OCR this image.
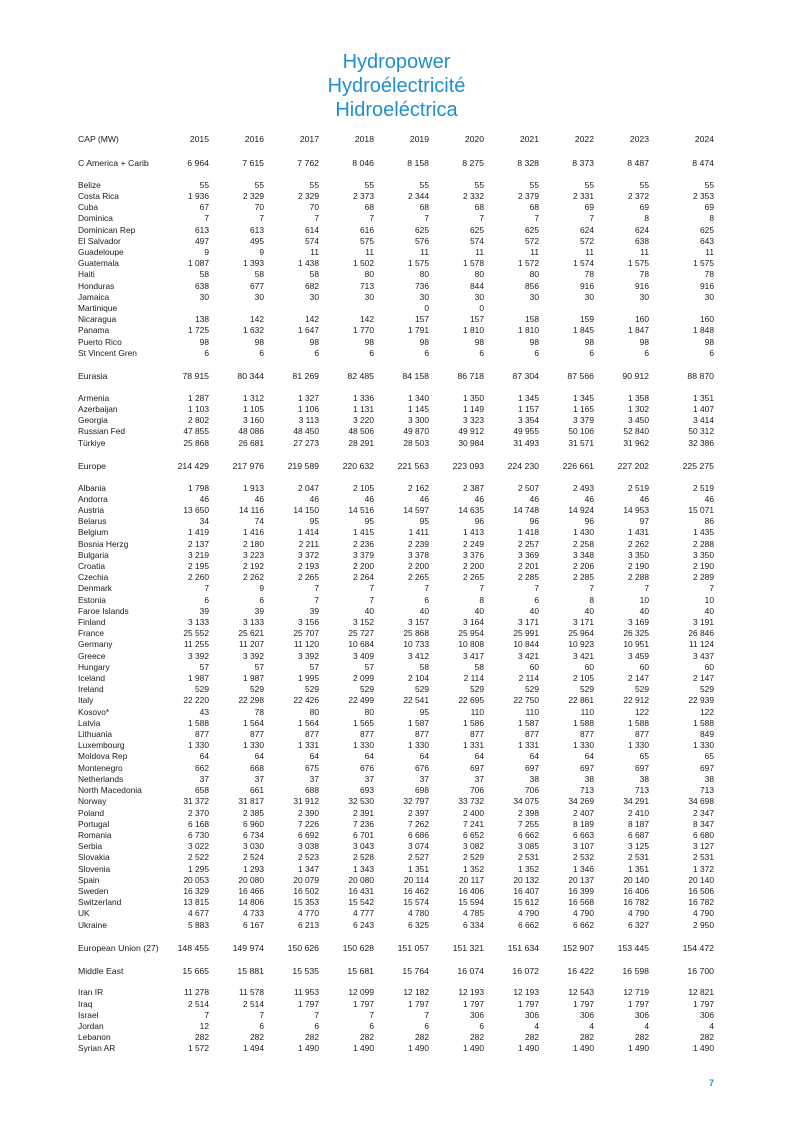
Hydropower
Hydroélectricité
Hidroeléctrica
CAP (MW)	2015	2016	2017	2018	2019	2020	2021	2022	2023	2024

C America + Carib	6 964	7 615	7 762	8 046	8 158	8 275	8 328	8 373	8 487	8 474

Belize	55	55	55	55	55	55	55	55	55	55
Costa Rica	1 936	2 329	2 329	2 373	2 344	2 332	2 379	2 331	2 372	2 353
Cuba	67	70	70	68	68	68	68	69	69	69
Dominica	7	7	7	7	7	7	7	7	8	8
Dominican Rep	613	613	614	616	625	625	625	624	624	625
El Salvador	497	495	574	575	576	574	572	572	638	643
Guadeloupe	9	9	11	11	11	11	11	11	11	11
Guatemala	1 087	1 393	1 438	1 502	1 575	1 578	1 572	1 574	1 575	1 575
Haiti	58	58	58	80	80	80	80	78	78	78
Honduras	638	677	682	713	736	844	856	916	916	916
Jamaica	30	30	30	30	30	30	30	30	30	30
Martinique					0	0				
Nicaragua	138	142	142	142	157	157	158	159	160	160
Panama	1 725	1 632	1 647	1 770	1 791	1 810	1 810	1 845	1 847	1 848
Puerto Rico	98	98	98	98	98	98	98	98	98	98
St Vincent Gren	6	6	6	6	6	6	6	6	6	6

Eurasia	78 915	80 344	81 269	82 485	84 158	86 718	87 304	87 566	90 912	88 870

Armenia	1 287	1 312	1 327	1 336	1 340	1 350	1 345	1 345	1 358	1 351
Azerbaijan	1 103	1 105	1 106	1 131	1 145	1 149	1 157	1 165	1 302	1 407
Georgia	2 802	3 160	3 113	3 220	3 300	3 323	3 354	3 379	3 450	3 414
Russian Fed	47 855	48 086	48 450	48 506	49 870	49 912	49 955	50 106	52 840	50 312
Türkiye	25 868	26 681	27 273	28 291	28 503	30 984	31 493	31 571	31 962	32 386

Europe	214 429	217 976	219 589	220 632	221 563	223 093	224 230	226 661	227 202	225 275

Albania	1 798	1 913	2 047	2 105	2 162	2 387	2 507	2 493	2 519	2 519
Andorra	46	46	46	46	46	46	46	46	46	46
Austria	13 650	14 116	14 150	14 516	14 597	14 635	14 748	14 924	14 953	15 071
Belarus	34	74	95	95	95	96	96	96	97	86
Belgium	1 419	1 416	1 414	1 415	1 411	1 413	1 418	1 430	1 431	1 435
Bosnia Herzg	2 137	2 180	2 211	2 236	2 239	2 249	2 257	2 258	2 262	2 288
Bulgaria	3 219	3 223	3 372	3 379	3 378	3 376	3 369	3 348	3 350	3 350
Croatia	2 195	2 192	2 193	2 200	2 200	2 200	2 201	2 206	2 190	2 190
Czechia	2 260	2 262	2 265	2 264	2 265	2 265	2 285	2 285	2 288	2 289
Denmark	7	9	7	7	7	7	7	7	7	7
Estonia	6	6	7	7	6	8	6	8	10	10
Faroe Islands	39	39	39	40	40	40	40	40	40	40
Finland	3 133	3 133	3 156	3 152	3 157	3 164	3 171	3 171	3 169	3 191
France	25 552	25 621	25 707	25 727	25 868	25 954	25 991	25 964	26 325	26 846
Germany	11 255	11 207	11 120	10 684	10 733	10 808	10 844	10 923	10 951	11 124
Greece	3 392	3 392	3 392	3 409	3 412	3 417	3 421	3 421	3 459	3 437
Hungary	57	57	57	57	58	58	60	60	60	60
Iceland	1 987	1 987	1 995	2 099	2 104	2 114	2 114	2 105	2 147	2 147
Ireland	529	529	529	529	529	529	529	529	529	529
Italy	22 220	22 298	22 426	22 499	22 541	22 695	22 750	22 861	22 912	22 939
Kosovo*	43	78	80	80	95	110	110	110	122	122
Latvia	1 588	1 564	1 564	1 565	1 587	1 586	1 587	1 588	1 588	1 588
Lithuania	877	877	877	877	877	877	877	877	877	849
Luxembourg	1 330	1 330	1 331	1 330	1 330	1 331	1 331	1 330	1 330	1 330
Moldova Rep	64	64	64	64	64	64	64	64	65	65
Montenegro	662	668	675	676	676	697	697	697	697	697
Netherlands	37	37	37	37	37	37	38	38	38	38
North Macedonia	658	661	688	693	698	706	706	713	713	713
Norway	31 372	31 817	31 912	32 530	32 797	33 732	34 075	34 269	34 291	34 698
Poland	2 370	2 385	2 390	2 391	2 397	2 400	2 398	2 407	2 410	2 347
Portugal	6 168	6 960	7 226	7 236	7 262	7 241	7 255	8 189	8 187	8 347
Romania	6 730	6 734	6 692	6 701	6 686	6 652	6 662	6 663	6 687	6 680
Serbia	3 022	3 030	3 038	3 043	3 074	3 082	3 085	3 107	3 125	3 127
Slovakia	2 522	2 524	2 523	2 528	2 527	2 529	2 531	2 532	2 531	2 531
Slovenia	1 295	1 293	1 347	1 343	1 351	1 352	1 352	1 346	1 351	1 372
Spain	20 053	20 080	20 079	20 080	20 114	20 117	20 132	20 137	20 140	20 140
Sweden	16 329	16 466	16 502	16 431	16 462	16 406	16 407	16 399	16 406	16 506
Switzerland	13 815	14 806	15 353	15 542	15 574	15 594	15 612	16 568	16 782	16 782
UK	4 677	4 733	4 770	4 777	4 780	4 785	4 790	4 790	4 790	4 790
Ukraine	5 883	6 167	6 213	6 243	6 325	6 334	6 662	6 662	6 327	2 950

European Union (27)	148 455	149 974	150 626	150 628	151 057	151 321	151 634	152 907	153 445	154 472

Middle East	15 665	15 881	15 535	15 681	15 764	16 074	16 072	16 422	16 598	16 700

Iran IR	11 278	11 578	11 953	12 099	12 182	12 193	12 193	12 543	12 719	12 821
Iraq	2 514	2 514	1 797	1 797	1 797	1 797	1 797	1 797	1 797	1 797
Israel	7	7	7	7	7	306	306	306	306	306
Jordan	12	6	6	6	6	6	4	4	4	4
Lebanon	282	282	282	282	282	282	282	282	282	282
Syrian AR	1 572	1 494	1 490	1 490	1 490	1 490	1 490	1 490	1 490	1 490
7
